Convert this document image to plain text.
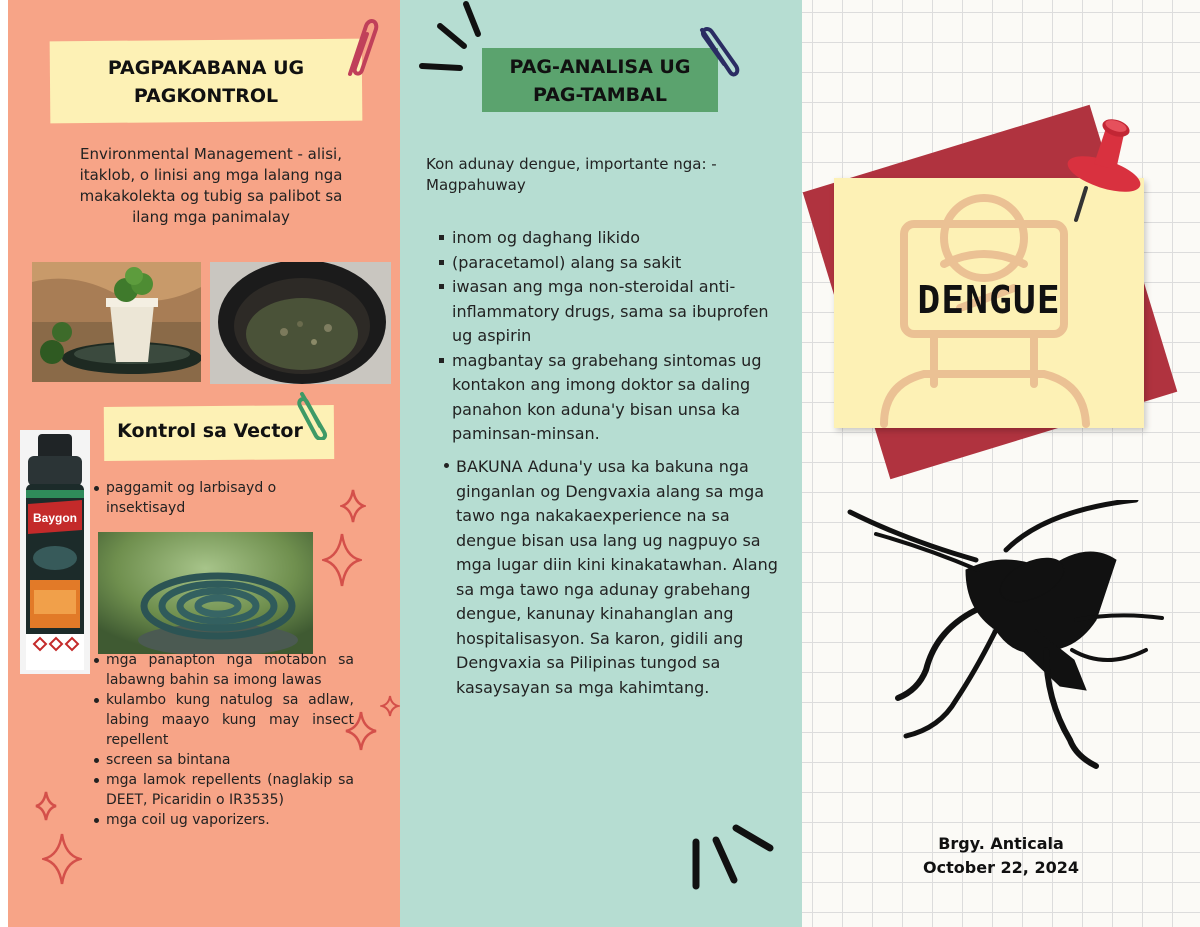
PAGPAKABANA UG
PAGKONTROL
Environmental Management - alisi, itaklob, o linisi ang mga lalang nga makakolekta og tubig sa palibot sa ilang mga panimalay
Kontrol sa Vector
Baygon
paggamit og larbisayd o insektisayd
mga panapton nga motabon sa labawng bahin sa imong lawas
kulambo kung natulog sa adlaw, labing maayo kung may insect repellent
screen sa bintana
mga lamok repellents (naglakip sa DEET, Picaridin o IR3535)
mga coil ug vaporizers.
PAG-ANALISA UG
PAG-TAMBAL
Kon adunay dengue, importante nga: - Magpahuway
inom og daghang likido
(paracetamol) alang sa sakit
iwasan ang mga non-steroidal anti-inflammatory drugs, sama sa ibuprofen ug aspirin
magbantay sa grabehang sintomas ug kontakon ang imong doktor sa daling panahon kon aduna'y bisan unsa ka paminsan-minsan.
BAKUNA Aduna'y usa ka bakuna nga ginganlan og Dengvaxia alang sa mga tawo nga nakakaexperience na sa dengue bisan usa lang ug nagpuyo sa mga lugar diin kini kinakatawhan. Alang sa mga tawo nga adunay grabehang dengue, kanunay kinahanglan ang hospitalisasyon. Sa karon, gidili ang Dengvaxia sa Pilipinas tungod sa kasaysayan sa mga kahimtang.
DENGUE
Brgy. Anticala
October 22, 2024
